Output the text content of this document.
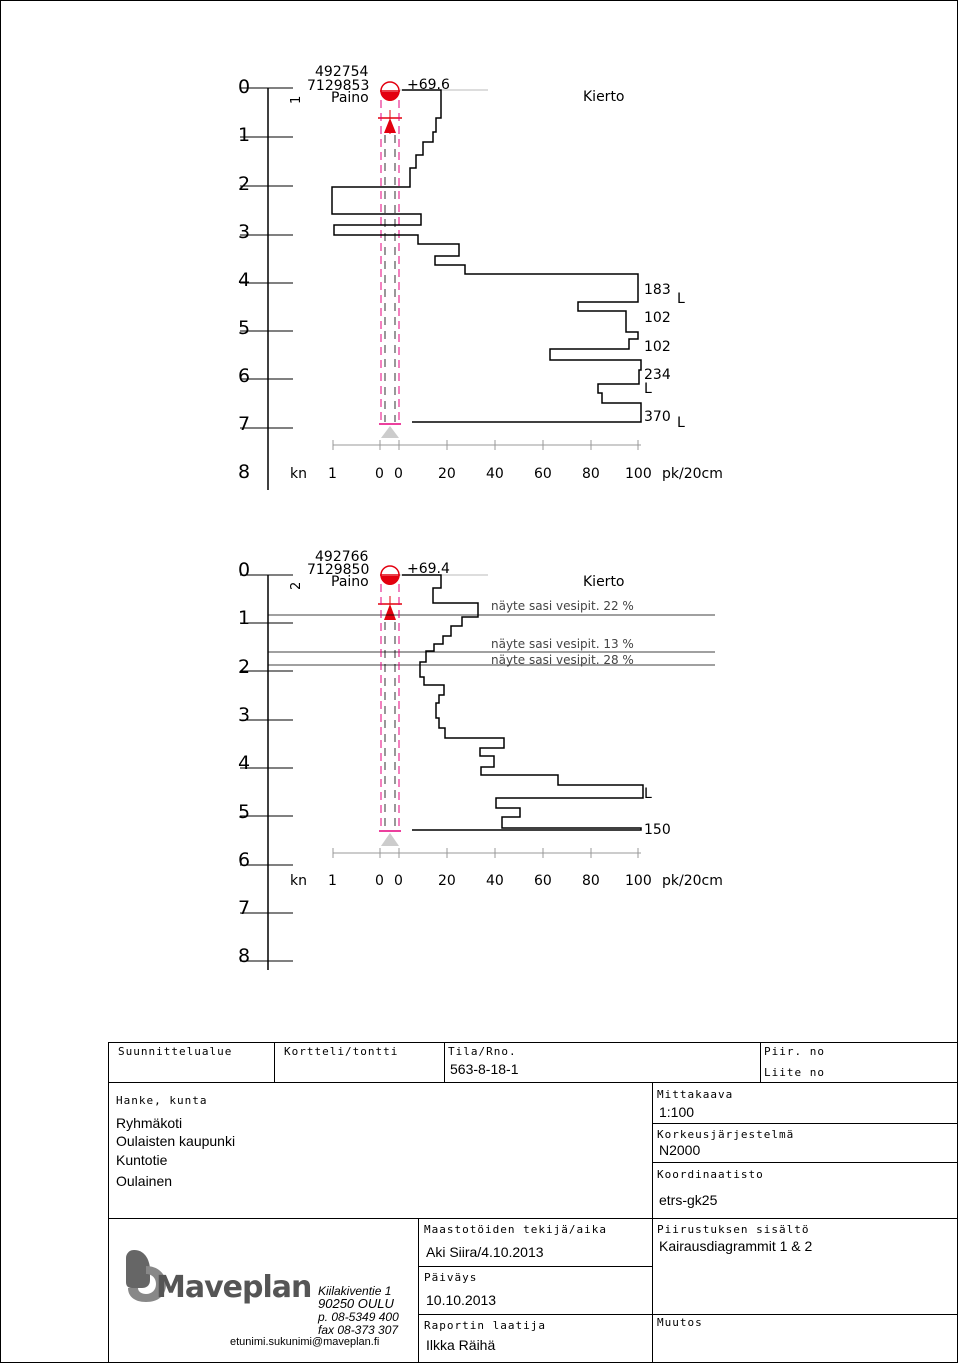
0
1
2
3
4
5
6
7
8
1
492754
7129853
Paino
+69.6
Kierto
183
L
102
102
234
L
370 L
kn 1	0 0	20 40 60 80 100 pk/20cm
0
1
2
3
4
5
6
7
8
2
492766
7129850
Paino
+69.4
Kierto
näyte sasi vesipit. 22 %
näyte sasi vesipit. 13 %
näyte sasi vesipit. 28 %
L
150
kn 1	0 0	20 40 60 80 100 pk/20cm
Suunnittelualue	Kortteli/tontti	Tila/Rno.
563-8-18-1
Piir. no
Liite no
Hanke, kunta
Ryhmäkoti
Oulaisten kaupunki
Kuntotie
Oulainen
Mittakaava
1:100
Korkeusjärjestelmä
N2000
Koordinaatisto
etrs-gk25
Maastotöiden tekijä/aika
Aki Siira/4.10.2013
Päiväys
10.10.2013
Raportin laatija
Ilkka Räihä
Piirustuksen sisältö
Kairausdiagrammit 1 & 2
Muutos
Maveplan Kiilakiventie 1
90250 OULU
p. 08-5349 400
fax 08-373 307
etunimi.sukunimi@maveplan.fi
